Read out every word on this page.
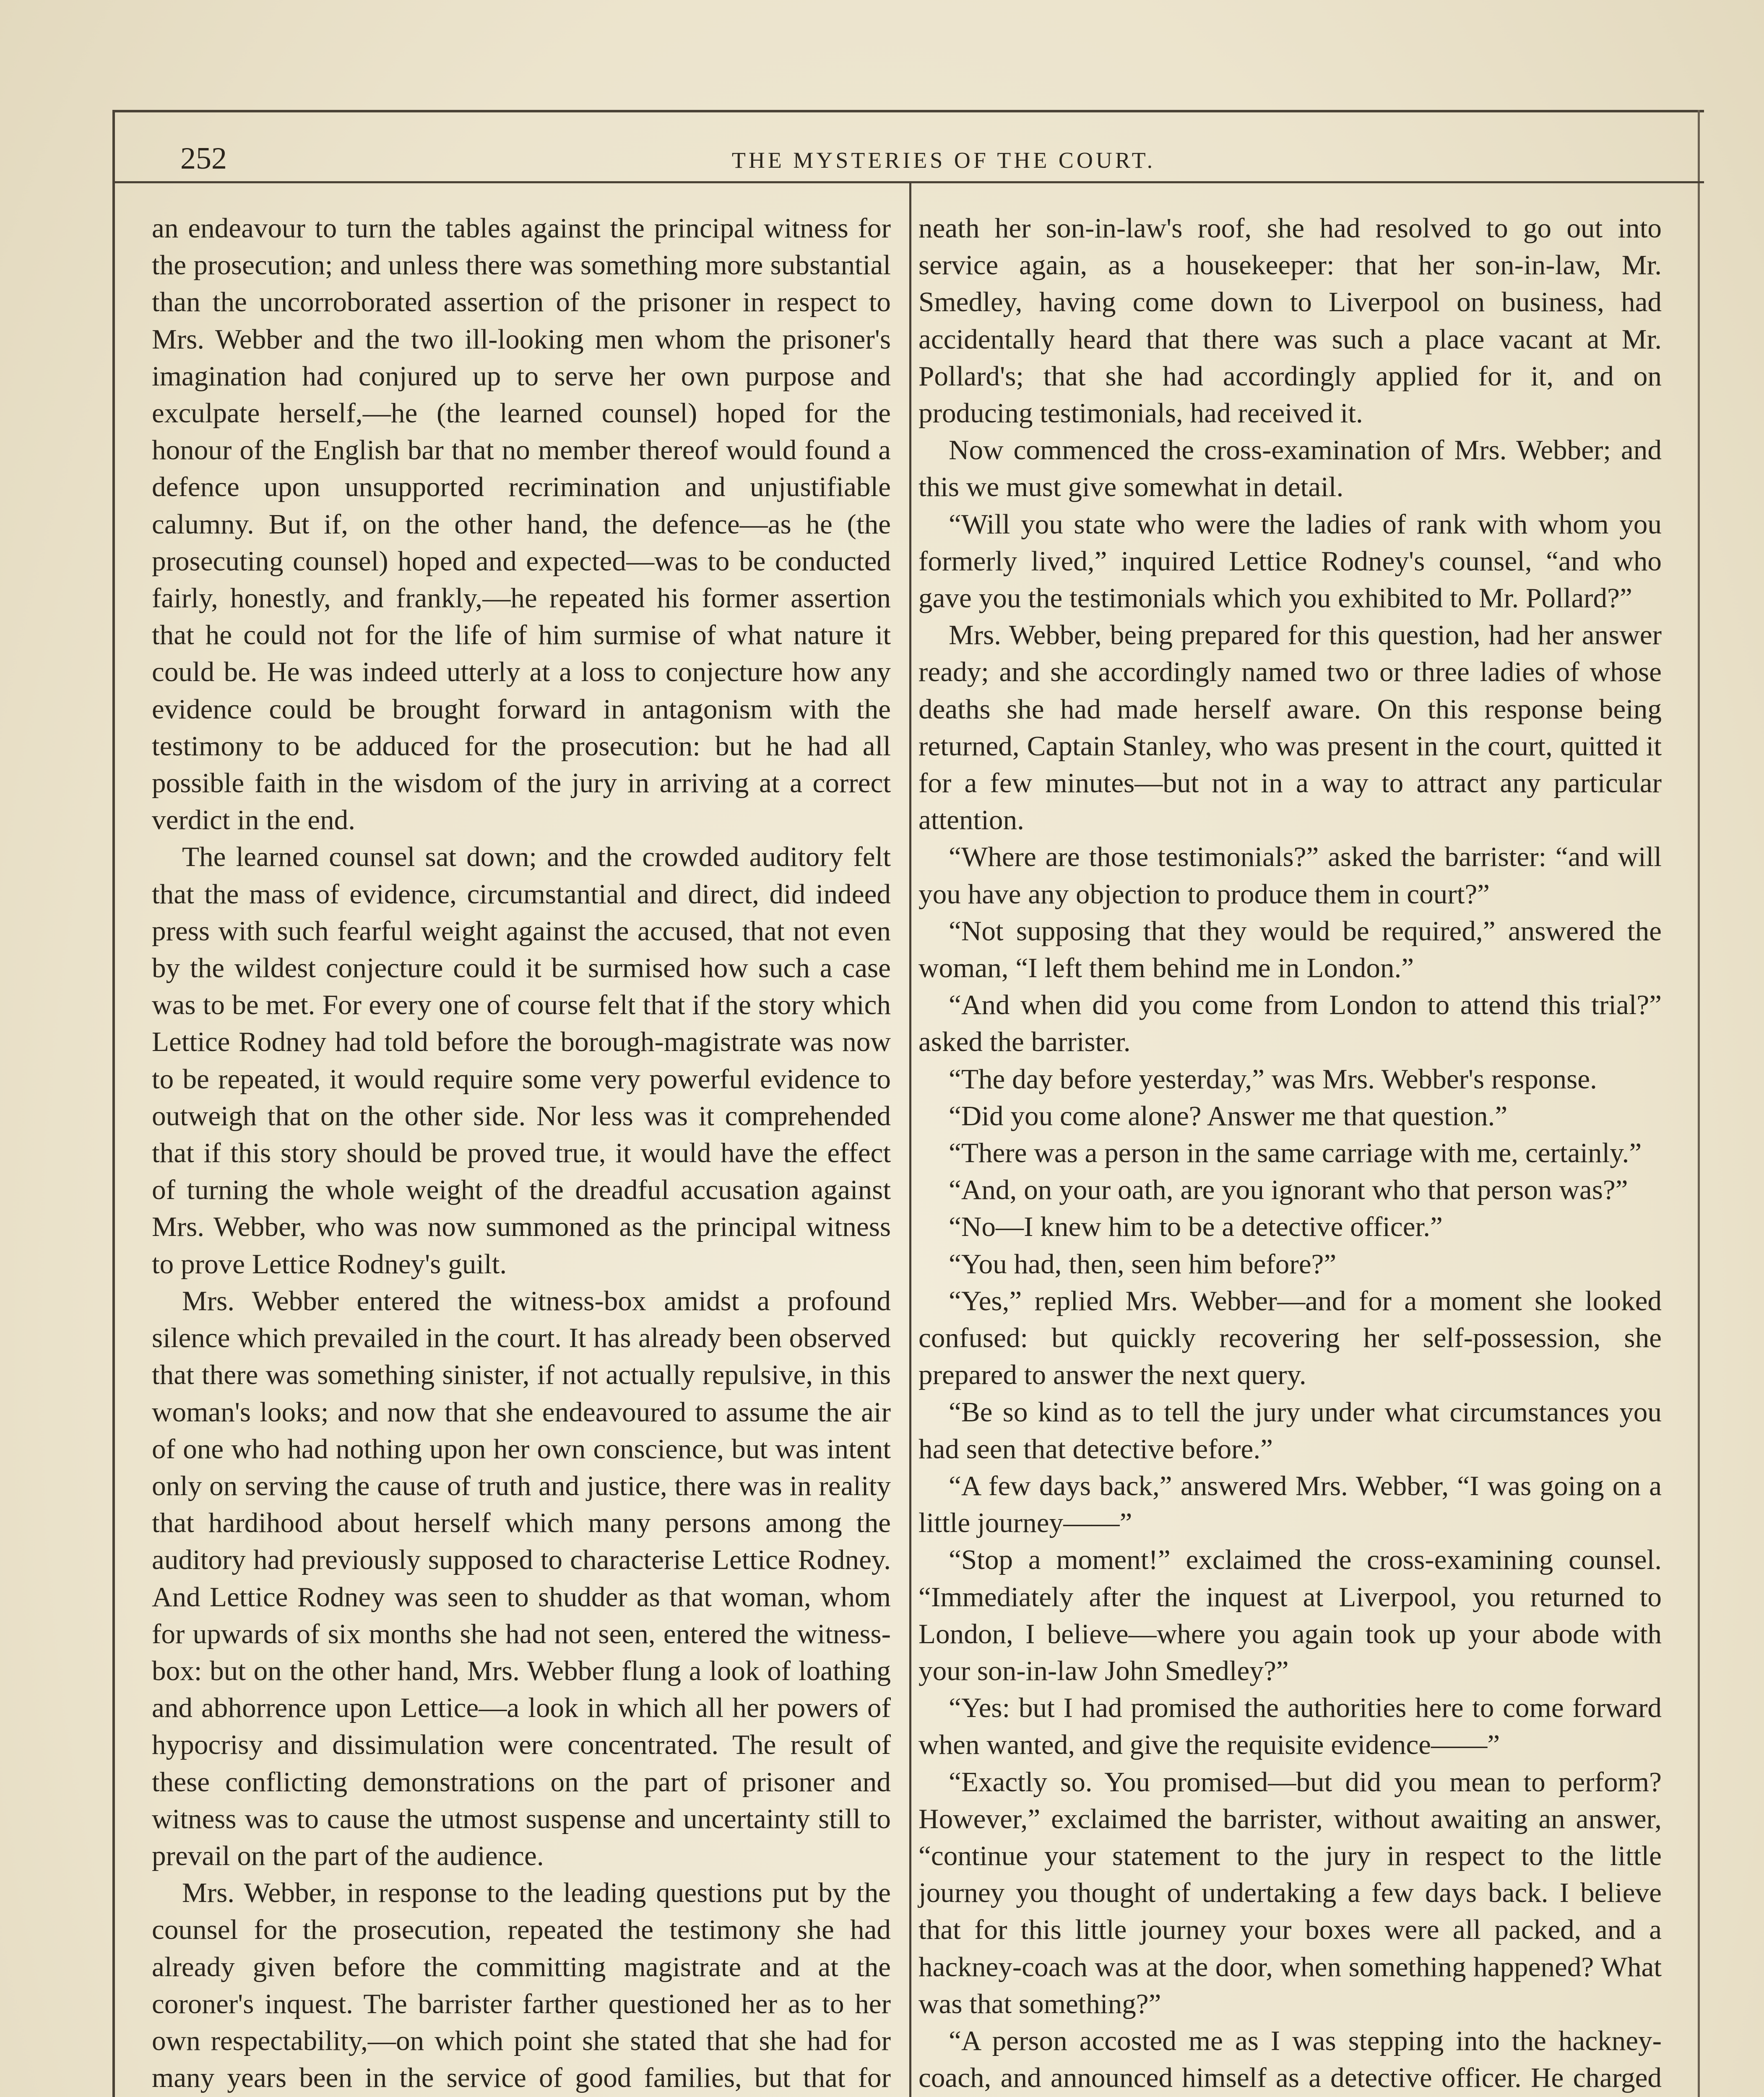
252	THE MYSTERIES OF THE COURT.

an endeavour to turn the tables against the principal witness for the prosecution; and unless there was something more substantial than the uncorroborated assertion of the prisoner in respect to Mrs. Webber and the two ill-looking men whom the prisoner's imagination had conjured up to serve her own purpose and exculpate herself,—he (the learned counsel) hoped for the honour of the English bar that no member thereof would found a defence upon unsupported recrimination and unjustifiable calumny. But if, on the other hand, the defence—as he (the prosecuting counsel) hoped and expected—was to be conducted fairly, honestly, and frankly,—he repeated his former assertion that he could not for the life of him surmise of what nature it could be. He was indeed utterly at a loss to conjecture how any evidence could be brought forward in antagonism with the testimony to be adduced for the prosecution: but he had all possible faith in the wisdom of the jury in arriving at a correct verdict in the end.

The learned counsel sat down; and the crowded auditory felt that the mass of evidence, circumstantial and direct, did indeed press with such fearful weight against the accused, that not even by the wildest conjecture could it be surmised how such a case was to be met. For every one of course felt that if the story which Lettice Rodney had told before the borough-magistrate was now to be repeated, it would require some very powerful evidence to outweigh that on the other side. Nor less was it comprehended that if this story should be proved true, it would have the effect of turning the whole weight of the dreadful accusation against Mrs. Webber, who was now summoned as the principal witness to prove Lettice Rodney's guilt.

Mrs. Webber entered the witness-box amidst a profound silence which prevailed in the court. It has already been observed that there was something sinister, if not actually repulsive, in this woman's looks; and now that she endeavoured to assume the air of one who had nothing upon her own conscience, but was intent only on serving the cause of truth and justice, there was in reality that hardihood about herself which many persons among the auditory had previously supposed to characterise Lettice Rodney. And Lettice Rodney was seen to shudder as that woman, whom for upwards of six months she had not seen, entered the witness-box: but on the other hand, Mrs. Webber flung a look of loathing and abhorrence upon Lettice—a look in which all her powers of hypocrisy and dissimulation were concentrated. The result of these conflicting demonstrations on the part of prisoner and witness was to cause the utmost suspense and uncertainty still to prevail on the part of the audience.

Mrs. Webber, in response to the leading questions put by the counsel for the prosecution, repeated the testimony she had already given before the committing magistrate and at the coroner's inquest. The barrister farther questioned her as to her own respectability,—on which point she stated that she had for many years been in the service of good families, but that for

neath her son-in-law's roof, she had resolved to go out into service again, as a housekeeper: that her son-in-law, Mr. Smedley, having come down to Liverpool on business, had accidentally heard that there was such a place vacant at Mr. Pollard's; that she had accordingly applied for it, and on producing testimonials, had received it.

Now commenced the cross-examination of Mrs. Webber; and this we must give somewhat in detail.

“Will you state who were the ladies of rank with whom you formerly lived,” inquired Lettice Rodney's counsel, “and who gave you the testimonials which you exhibited to Mr. Pollard?”

Mrs. Webber, being prepared for this question, had her answer ready; and she accordingly named two or three ladies of whose deaths she had made herself aware. On this response being returned, Captain Stanley, who was present in the court, quitted it for a few minutes—but not in a way to attract any particular attention.

“Where are those testimonials?” asked the barrister: “and will you have any objection to produce them in court?”

“Not supposing that they would be required,” answered the woman, “I left them behind me in London.”

“And when did you come from London to attend this trial?” asked the barrister.

“The day before yesterday,” was Mrs. Webber's response.

“Did you come alone? Answer me that question.”

“There was a person in the same carriage with me, certainly.”

“And, on your oath, are you ignorant who that person was?”

“No—I knew him to be a detective officer.”

“You had, then, seen him before?”

“Yes,” replied Mrs. Webber—and for a moment she looked confused: but quickly recovering her self-possession, she prepared to answer the next query.

“Be so kind as to tell the jury under what circumstances you had seen that detective before.”

“A few days back,” answered Mrs. Webber, “I was going on a little journey——”

“Stop a moment!” exclaimed the cross-examining counsel. “Immediately after the inquest at Liverpool, you returned to London, I believe—where you again took up your abode with your son-in-law John Smedley?”

“Yes: but I had promised the authorities here to come forward when wanted, and give the requisite evidence——”

“Exactly so. You promised—but did you mean to perform? However,” exclaimed the barrister, without awaiting an answer, “continue your statement to the jury in respect to the little journey you thought of undertaking a few days back. I believe that for this little journey your boxes were all packed, and a hackney-coach was at the door, when something happened? What was that something?”

“A person accosted me as I was stepping into the hackney-coach, and announced himself as a detective officer. He charged
